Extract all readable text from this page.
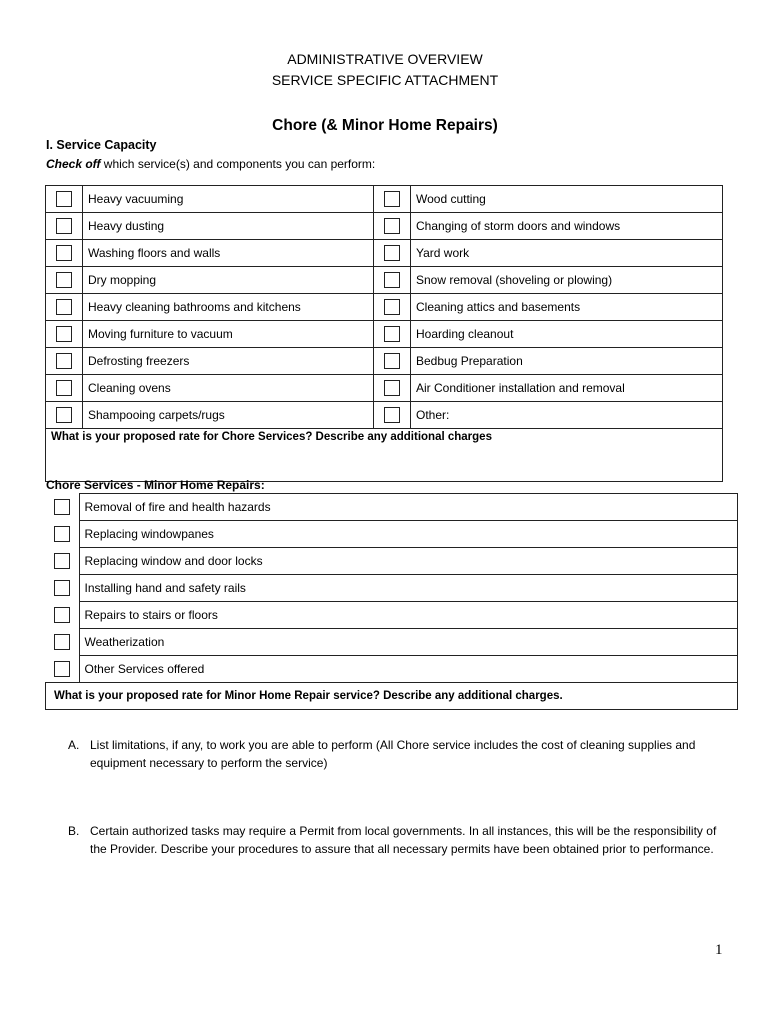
ADMINISTRATIVE OVERVIEW
SERVICE SPECIFIC ATTACHMENT
Chore (& Minor Home Repairs)
I. Service Capacity
Check off which service(s) and components you can perform:
	Heavy vacuuming		Wood cutting

	Heavy dusting		Changing of storm doors and windows

	Washing floors and walls		Yard work

	Dry mopping		Snow removal (shoveling or plowing)

	Heavy cleaning bathrooms and kitchens		Cleaning attics and basements

	Moving furniture to vacuum		Hoarding cleanout

	Defrosting freezers		Bedbug Preparation

	Cleaning ovens		Air Conditioner installation and removal

	Shampooing carpets/rugs		Other:
What is your proposed rate for Chore Services? Describe any additional charges			
Chore Services - Minor Home Repairs:
	Removal of fire and health hazards

	Replacing windowpanes

	Replacing window and door locks

	Installing hand and safety rails

	Repairs to stairs or floors

	Weatherization

	Other Services offered
What is your proposed rate for Minor Home Repair service? Describe any additional charges.	
A. List limitations, if any, to work you are able to perform (All Chore service includes the cost of cleaning supplies and equipment necessary to perform the service)
B. Certain authorized tasks may require a Permit from local governments. In all instances, this will be the responsibility of the Provider. Describe your procedures to assure that all necessary permits have been obtained prior to performance.
1
